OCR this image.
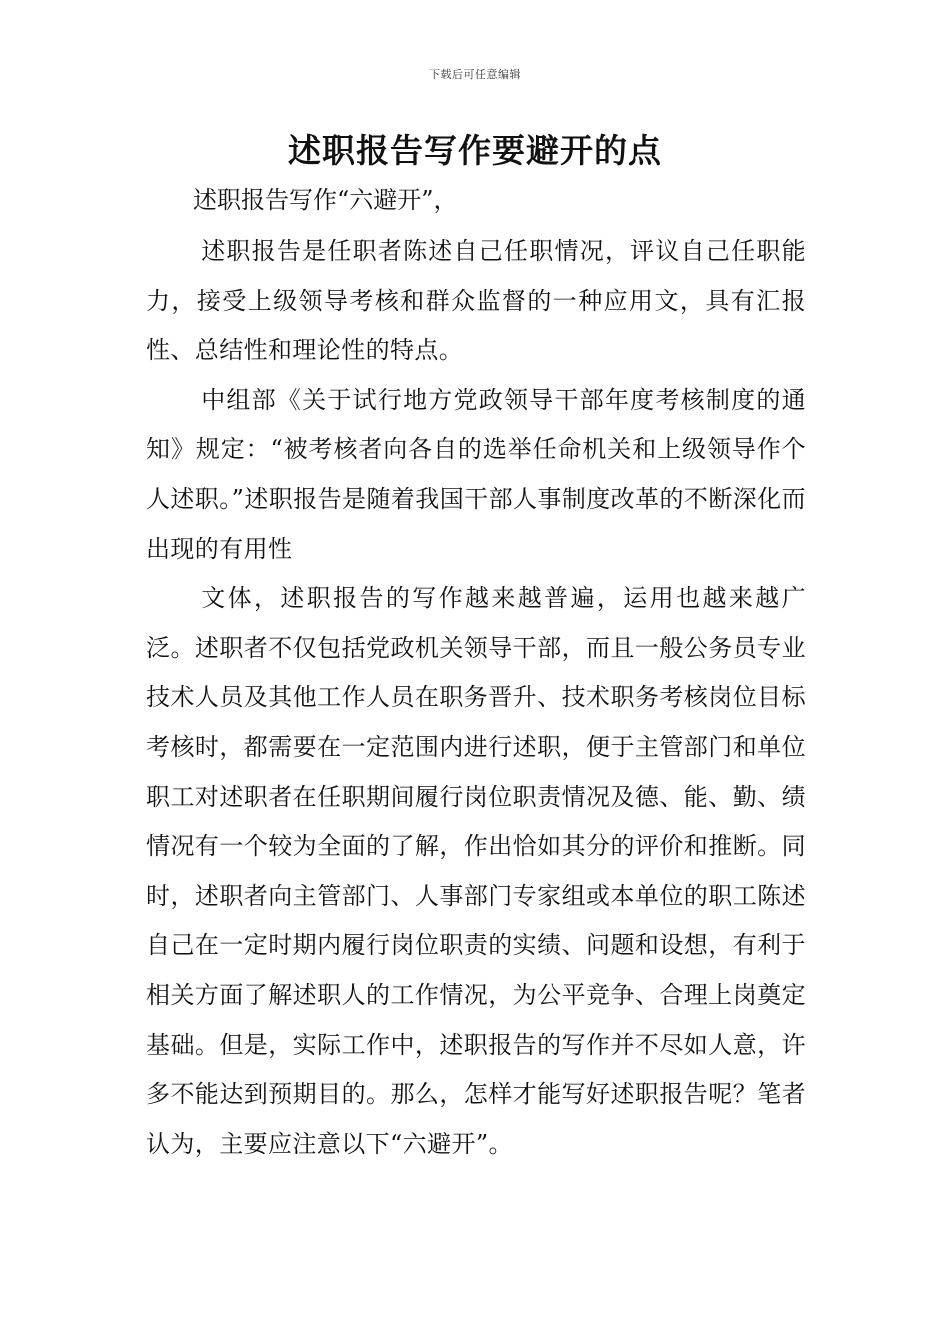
下载后可任意编辑
述职报告写作要避开的点
述职报告写作“六避开”，

述职报告是任职者陈述自己任职情况，评议自己任职能力，接受上级领导考核和群众监督的一种应用文，具有汇报性、总结性和理论性的特点。

中组部《关于试行地方党政领导干部年度考核制度的通知》规定：“被考核者向各自的选举任命机关和上级领导作个人述职。”述职报告是随着我国干部人事制度改革的不断深化而出现的有用性

文体，述职报告的写作越来越普遍，运用也越来越广泛。述职者不仅包括党政机关领导干部，而且一般公务员专业技术人员及其他工作人员在职务晋升、技术职务考核岗位目标考核时，都需要在一定范围内进行述职，便于主管部门和单位职工对述职者在任职期间履行岗位职责情况及德、能、勤、绩情况有一个较为全面的了解，作出恰如其分的评价和推断。同时，述职者向主管部门、人事部门专家组或本单位的职工陈述自己在一定时期内履行岗位职责的实绩、问题和设想，有利于相关方面了解述职人的工作情况，为公平竞争、合理上岗奠定基础。但是，实际工作中，述职报告的写作并不尽如人意，许多不能达到预期目的。那么，怎样才能写好述职报告呢？笔者认为，主要应注意以下“六避开”。
